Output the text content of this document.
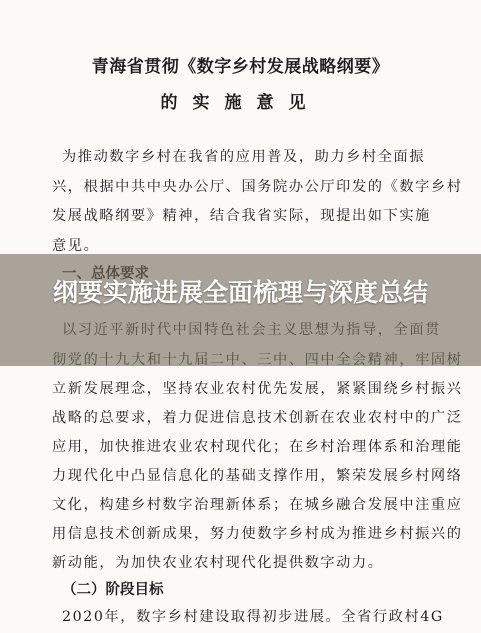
青海省贯彻《数字乡村发展战略纲要》
的实施意见
为推动数字乡村在我省的应用普及，助力乡村全面振
兴，根据中共中央办公厅、国务院办公厅印发的《数字乡村
发展战略纲要》精神，结合我省实际，现提出如下实施
意见。
立新发展理念，坚持农业农村优先发展，紧紧围绕乡村振兴
战略的总要求，着力促进信息技术创新在农业农村中的广泛
应用，加快推进农业农村现代化；在乡村治理体系和治理能
力现代化中凸显信息化的基础支撑作用，繁荣发展乡村网络
文化，构建乡村数字治理新体系；在城乡融合发展中注重应
用信息技术创新成果，努力使数字乡村成为推进乡村振兴的
新动能，为加快农业农村现代化提供数字动力。
（二）阶段目标
2020年，数字乡村建设取得初步进展。全省行政村4G
纲要实施进展全面梳理与深度总结
